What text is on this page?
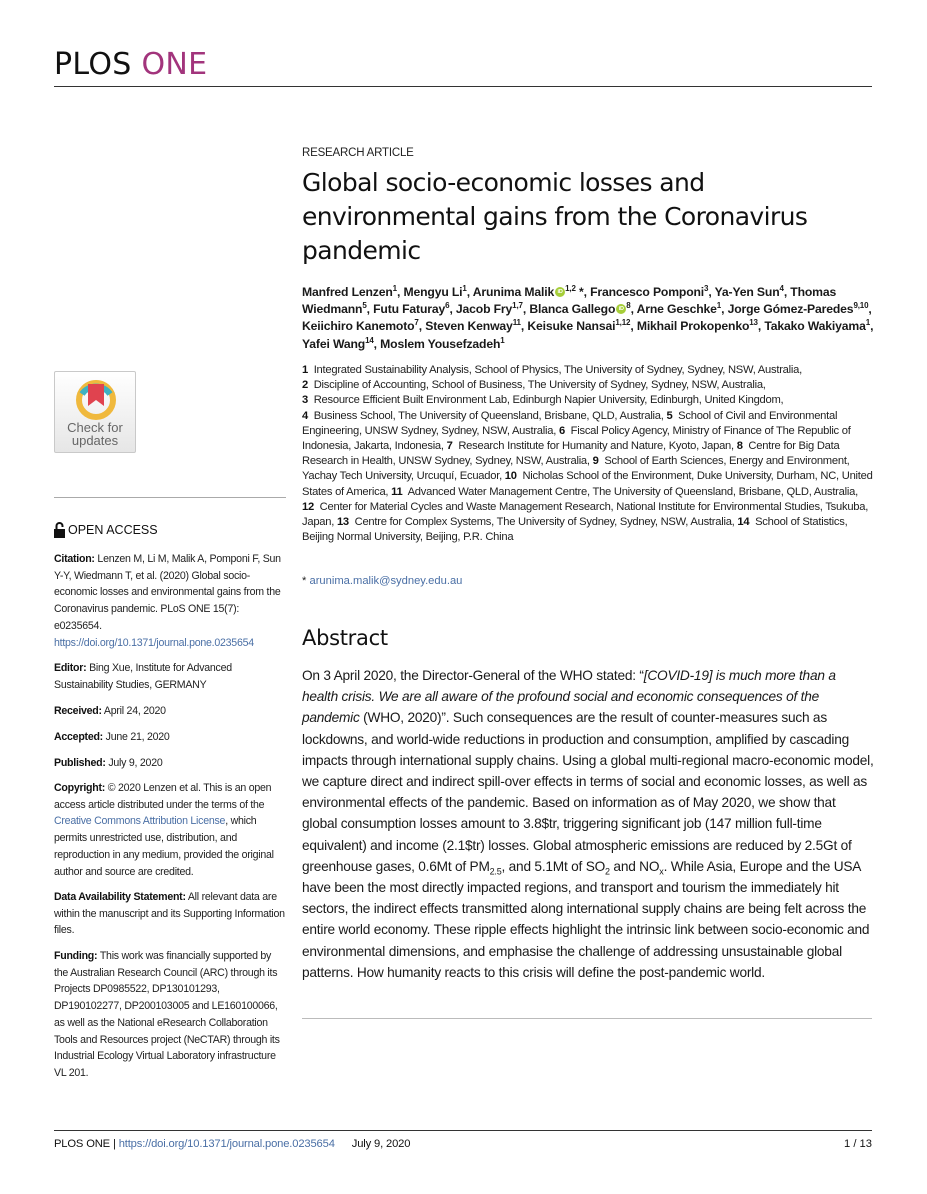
PLOS ONE
Check for updates
OPEN ACCESS
Citation: Lenzen M, Li M, Malik A, Pomponi F, Sun Y-Y, Wiedmann T, et al. (2020) Global socio-economic losses and environmental gains from the Coronavirus pandemic. PLoS ONE 15(7): e0235654. https://doi.org/10.1371/journal.pone.0235654
Editor: Bing Xue, Institute for Advanced Sustainability Studies, GERMANY
Received: April 24, 2020
Accepted: June 21, 2020
Published: July 9, 2020
Copyright: © 2020 Lenzen et al. This is an open access article distributed under the terms of the Creative Commons Attribution License, which permits unrestricted use, distribution, and reproduction in any medium, provided the original author and source are credited.
Data Availability Statement: All relevant data are within the manuscript and its Supporting Information files.
Funding: This work was financially supported by the Australian Research Council (ARC) through its Projects DP0985522, DP130101293, DP190102277, DP200103005 and LE160100066, as well as the National eResearch Collaboration Tools and Resources project (NeCTAR) through its Industrial Ecology Virtual Laboratory infrastructure VL 201.
RESEARCH ARTICLE
Global socio-economic losses and environmental gains from the Coronavirus pandemic
Manfred Lenzen$^1$, Mengyu Li$^1$, Arunima Malik iD $^{1,2}$ *, Francesco Pomponi$^3$, Ya-Yen Sun$^4$, Thomas Wiedmann$^5$, Futu Faturay$^6$, Jacob Fry$^{1,7}$, Blanca Gallego iD $^8$, Arne Geschke$^1$, Jorge Gómez-Paredes$^{9,10}$, Keiichiro Kanemoto$^7$, Steven Kenway$^{11}$, Keisuke Nansai$^{1,12}$, Mikhail Prokopenko$^{13}$, Takako Wakiyama$^1$, Yafei Wang$^{14}$, Moslem Yousefzadeh$^1$
1  Integrated Sustainability Analysis, School of Physics, The University of Sydney, Sydney, NSW, Australia,
2  Discipline of Accounting, School of Business, The University of Sydney, Sydney, NSW, Australia,
3  Resource Efficient Built Environment Lab, Edinburgh Napier University, Edinburgh, United Kingdom,
4  Business School, The University of Queensland, Brisbane, QLD, Australia, 5  School of Civil and Environmental Engineering, UNSW Sydney, Sydney, NSW, Australia, 6  Fiscal Policy Agency, Ministry of Finance of The Republic of Indonesia, Jakarta, Indonesia, 7  Research Institute for Humanity and Nature, Kyoto, Japan, 8  Centre for Big Data Research in Health, UNSW Sydney, Sydney, NSW, Australia, 9  School of Earth Sciences, Energy and Environment, Yachay Tech University, Urcuquí, Ecuador, 10  Nicholas School of the Environment, Duke University, Durham, NC, United States of America, 11  Advanced Water Management Centre, The University of Queensland, Brisbane, QLD, Australia, 12  Center for Material Cycles and Waste Management Research, National Institute for Environmental Studies, Tsukuba, Japan, 13  Centre for Complex Systems, The University of Sydney, Sydney, NSW, Australia, 14  School of Statistics, Beijing Normal University, Beijing, P.R. China
* arunima.malik@sydney.edu.au
Abstract
On 3 April 2020, the Director-General of the WHO stated: “[COVID-19] is much more than a health crisis. We are all aware of the profound social and economic consequences of the pandemic (WHO, 2020)”. Such consequences are the result of counter-measures such as lockdowns, and world-wide reductions in production and consumption, amplified by cascading impacts through international supply chains. Using a global multi-regional macro-economic model, we capture direct and indirect spill-over effects in terms of social and economic losses, as well as environmental effects of the pandemic. Based on information as of May 2020, we show that global consumption losses amount to 3.8$tr, triggering significant job (147 million full-time equivalent) and income (2.1$tr) losses. Global atmospheric emissions are reduced by 2.5Gt of greenhouse gases, 0.6Mt of $PM_{2.5}$, and 5.1Mt of $SO_2$ and $NO_x$. While Asia, Europe and the USA have been the most directly impacted regions, and transport and tourism the immediately hit sectors, the indirect effects transmitted along international supply chains are being felt across the entire world economy. These ripple effects highlight the intrinsic link between socio-economic and environmental dimensions, and emphasise the challenge of addressing unsustainable global patterns. How humanity reacts to this crisis will define the post-pandemic world.
PLOS ONE | https://doi.org/10.1371/journal.pone.0235654 July 9, 2020	1 / 13
